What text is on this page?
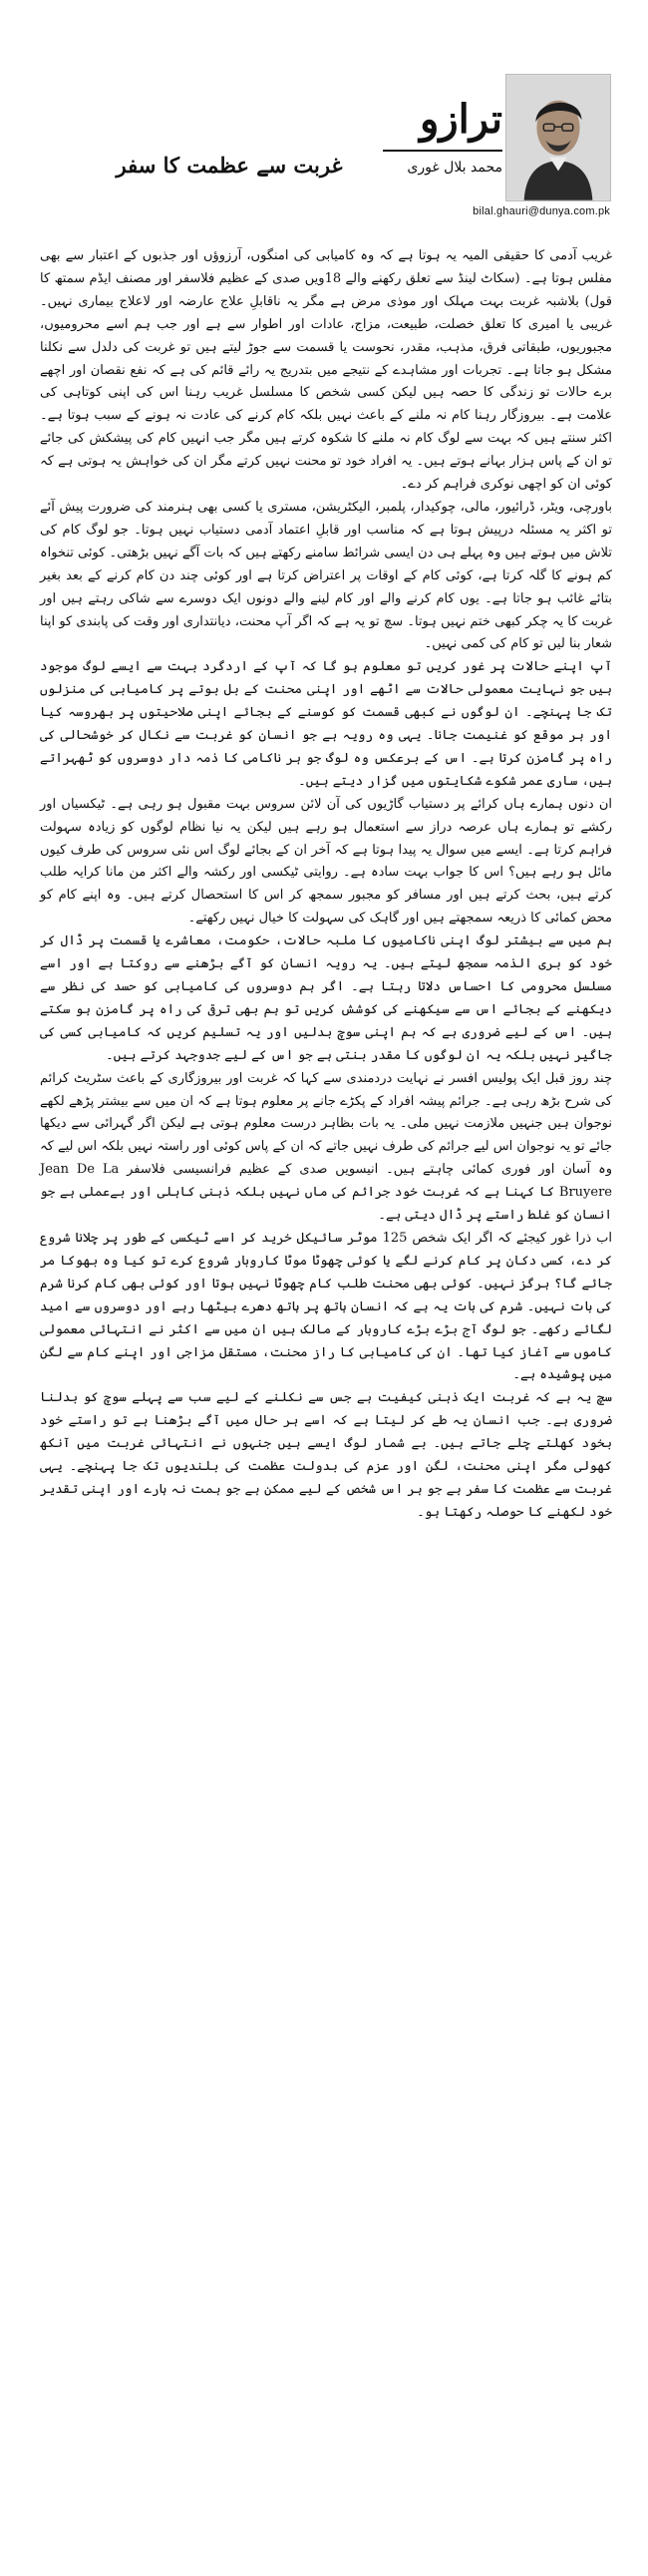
ترازو
محمد بلال غوری
bilal.ghauri@dunya.com.pk
غربت سے عظمت کا سفر

غریب آدمی کا حقیقی المیہ یہ ہوتا ہے کہ وہ کامیابی کی امنگوں، آرزوؤں اور جذبوں کے اعتبار سے بھی مفلس ہوتا ہے۔ (سکاٹ لینڈ سے تعلق رکھنے والے 18ویں صدی کے عظیم فلاسفر اور مصنف ایڈم سمتھ کا قول) بلاشبہ غربت بہت مہلک اور موذی مرض ہے مگر یہ ناقابلِ علاج عارضہ اور لاعلاج بیماری نہیں۔ غریبی یا امیری کا تعلق خصلت، طبیعت، مزاج، عادات اور اطوار سے ہے اور جب ہم اسے محرومیوں، مجبوریوں، طبقاتی فرق، مذہب، مقدر، نحوست یا قسمت سے جوڑ لیتے ہیں تو غربت کی دلدل سے نکلنا مشکل ہو جاتا ہے۔ تجربات اور مشاہدے کے نتیجے میں بتدریج یہ رائے قائم کی ہے کہ نفع نقصان اور اچھے برے حالات تو زندگی کا حصہ ہیں لیکن کسی شخص کا مسلسل غریب رہنا اس کی اپنی کوتاہی کی علامت ہے۔ بیروزگار رہنا کام نہ ملنے کے باعث نہیں بلکہ کام کرنے کی عادت نہ ہونے کے سبب ہوتا ہے۔ اکثر سنتے ہیں کہ بہت سے لوگ کام نہ ملنے کا شکوہ کرتے ہیں مگر جب انہیں کام کی پیشکش کی جائے تو ان کے پاس ہزار بہانے ہوتے ہیں۔ یہ افراد خود تو محنت نہیں کرتے مگر ان کی خواہش یہ ہوتی ہے کہ کوئی ان کو اچھی نوکری فراہم کر دے۔

باورچی، ویٹر، ڈرائیور، مالی، چوکیدار، پلمبر، الیکٹریشن، مستری یا کسی بھی ہنرمند کی ضرورت پیش آئے تو اکثر یہ مسئلہ درپیش ہوتا ہے کہ مناسب اور قابلِ اعتماد آدمی دستیاب نہیں ہوتا۔ جو لوگ کام کی تلاش میں ہوتے ہیں وہ پہلے ہی دن ایسی شرائط سامنے رکھتے ہیں کہ بات آگے نہیں بڑھتی۔ کوئی تنخواہ کم ہونے کا گلہ کرتا ہے، کوئی کام کے اوقات پر اعتراض کرتا ہے اور کوئی چند دن کام کرنے کے بعد بغیر بتائے غائب ہو جاتا ہے۔ یوں کام کرنے والے اور کام لینے والے دونوں ایک دوسرے سے شاکی رہتے ہیں اور غربت کا یہ چکر کبھی ختم نہیں ہوتا۔ سچ تو یہ ہے کہ اگر آپ محنت، دیانتداری اور وقت کی پابندی کو اپنا شعار بنا لیں تو کام کی کمی نہیں۔

آپ اپنے حالات پر غور کریں تو معلوم ہو گا کہ آپ کے اردگرد بہت سے ایسے لوگ موجود ہیں جو نہایت معمولی حالات سے اٹھے اور اپنی محنت کے بل بوتے پر کامیابی کی منزلوں تک جا پہنچے۔ ان لوگوں نے کبھی قسمت کو کوسنے کے بجائے اپنی صلاحیتوں پر بھروسہ کیا اور ہر موقع کو غنیمت جانا۔ یہی وہ رویہ ہے جو انسان کو غربت سے نکال کر خوشحالی کی راہ پر گامزن کرتا ہے۔ اس کے برعکس وہ لوگ جو ہر ناکامی کا ذمہ دار دوسروں کو ٹھہراتے ہیں، ساری عمر شکوے شکایتوں میں گزار دیتے ہیں۔

ان دنوں ہمارے ہاں کرائے پر دستیاب گاڑیوں کی آن لائن سروس بہت مقبول ہو رہی ہے۔ ٹیکسیاں اور رکشے تو ہمارے ہاں عرصہ دراز سے استعمال ہو رہے ہیں لیکن یہ نیا نظام لوگوں کو زیادہ سہولت فراہم کرتا ہے۔ ایسے میں سوال یہ پیدا ہوتا ہے کہ آخر ان کے بجائے لوگ اس نئی سروس کی طرف کیوں مائل ہو رہے ہیں؟ اس کا جواب بہت سادہ ہے۔ روایتی ٹیکسی اور رکشہ والے اکثر من مانا کرایہ طلب کرتے ہیں، بحث کرتے ہیں اور مسافر کو مجبور سمجھ کر اس کا استحصال کرتے ہیں۔ وہ اپنے کام کو محض کمائی کا ذریعہ سمجھتے ہیں اور گاہک کی سہولت کا خیال نہیں رکھتے۔

ہم میں سے بیشتر لوگ اپنی ناکامیوں کا ملبہ حالات، حکومت، معاشرے یا قسمت پر ڈال کر خود کو بری الذمہ سمجھ لیتے ہیں۔ یہ رویہ انسان کو آگے بڑھنے سے روکتا ہے اور اسے مسلسل محرومی کا احساس دلاتا رہتا ہے۔ اگر ہم دوسروں کی کامیابی کو حسد کی نظر سے دیکھنے کے بجائے اس سے سیکھنے کی کوشش کریں تو ہم بھی ترقی کی راہ پر گامزن ہو سکتے ہیں۔ اس کے لیے ضروری ہے کہ ہم اپنی سوچ بدلیں اور یہ تسلیم کریں کہ کامیابی کسی کی جاگیر نہیں بلکہ یہ ان لوگوں کا مقدر بنتی ہے جو اس کے لیے جدوجہد کرتے ہیں۔

چند روز قبل ایک پولیس افسر نے نہایت دردمندی سے کہا کہ غربت اور بیروزگاری کے باعث سٹریٹ کرائم کی شرح بڑھ رہی ہے۔ جرائم پیشہ افراد کے پکڑے جانے پر معلوم ہوتا ہے کہ ان میں سے بیشتر پڑھے لکھے نوجوان ہیں جنہیں ملازمت نہیں ملی۔ یہ بات بظاہر درست معلوم ہوتی ہے لیکن اگر گہرائی سے دیکھا جائے تو یہ نوجوان اس لیے جرائم کی طرف نہیں جاتے کہ ان کے پاس کوئی اور راستہ نہیں بلکہ اس لیے کہ وہ آسان اور فوری کمائی چاہتے ہیں۔ انیسویں صدی کے عظیم فرانسیسی فلاسفر Jean De La Bruyere کا کہنا ہے کہ غربت خود جرائم کی ماں نہیں بلکہ ذہنی کاہلی اور بےعملی ہے جو انسان کو غلط راستے پر ڈال دیتی ہے۔

اب ذرا غور کیجئے کہ اگر ایک شخص 125 موٹر سائیکل خرید کر اسے ٹیکسی کے طور پر چلانا شروع کر دے، کسی دکان پر کام کرنے لگے یا کوئی چھوٹا موٹا کاروبار شروع کرے تو کیا وہ بھوکا مر جائے گا؟ ہرگز نہیں۔ کوئی بھی محنت طلب کام چھوٹا نہیں ہوتا اور کوئی بھی کام کرنا شرم کی بات نہیں۔ شرم کی بات یہ ہے کہ انسان ہاتھ پر ہاتھ دھرے بیٹھا رہے اور دوسروں سے امید لگائے رکھے۔ جو لوگ آج بڑے بڑے کاروبار کے مالک ہیں ان میں سے اکثر نے انتہائی معمولی کاموں سے آغاز کیا تھا۔ ان کی کامیابی کا راز محنت، مستقل مزاجی اور اپنے کام سے لگن میں پوشیدہ ہے۔

سچ یہ ہے کہ غربت ایک ذہنی کیفیت ہے جس سے نکلنے کے لیے سب سے پہلے سوچ کو بدلنا ضروری ہے۔ جب انسان یہ طے کر لیتا ہے کہ اسے ہر حال میں آگے بڑھنا ہے تو راستے خود بخود کھلتے چلے جاتے ہیں۔ بے شمار لوگ ایسے ہیں جنہوں نے انتہائی غربت میں آنکھ کھولی مگر اپنی محنت، لگن اور عزم کی بدولت عظمت کی بلندیوں تک جا پہنچے۔ یہی غربت سے عظمت کا سفر ہے جو ہر اس شخص کے لیے ممکن ہے جو ہمت نہ ہارے اور اپنی تقدیر خود لکھنے کا حوصلہ رکھتا ہو۔
